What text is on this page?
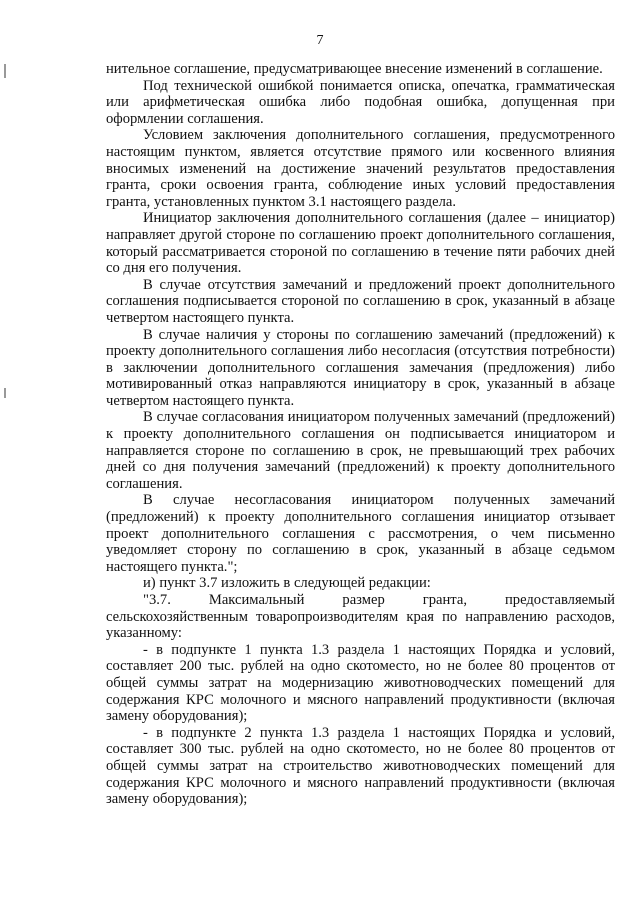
7

нительное соглашение, предусматривающее внесение изменений в соглашение.

Под технической ошибкой понимается описка, опечатка, грамматическая или арифметическая ошибка либо подобная ошибка, допущенная при оформлении соглашения.

Условием заключения дополнительного соглашения, предусмотренного настоящим пунктом, является отсутствие прямого или косвенного влияния вносимых изменений на достижение значений результатов предоставления гранта, сроки освоения гранта, соблюдение иных условий предоставления гранта, установленных пунктом 3.1 настоящего раздела.

Инициатор заключения дополнительного соглашения (далее – инициатор) направляет другой стороне по соглашению проект дополнительного соглашения, который рассматривается стороной по соглашению в течение пяти рабочих дней со дня его получения.

В случае отсутствия замечаний и предложений проект дополнительного соглашения подписывается стороной по соглашению в срок, указанный в абзаце четвертом настоящего пункта.

В случае наличия у стороны по соглашению замечаний (предложений) к проекту дополнительного соглашения либо несогласия (отсутствия потребности) в заключении дополнительного соглашения замечания (предложения) либо мотивированный отказ направляются инициатору в срок, указанный в абзаце четвертом настоящего пункта.

В случае согласования инициатором полученных замечаний (предложений) к проекту дополнительного соглашения он подписывается инициатором и направляется стороне по соглашению в срок, не превышающий трех рабочих дней со дня получения замечаний (предложений) к проекту дополнительного соглашения.

В случае несогласования инициатором полученных замечаний (предложений) к проекту дополнительного соглашения инициатор отзывает проект дополнительного соглашения с рассмотрения, о чем письменно уведомляет сторону по соглашению в срок, указанный в абзаце седьмом настоящего пункта.";

и) пункт 3.7 изложить в следующей редакции:

"3.7. Максимальный размер гранта, предоставляемый сельскохозяйственным товаропроизводителям края по направлению расходов, указанному:

- в подпункте 1 пункта 1.3 раздела 1 настоящих Порядка и условий, составляет 200 тыс. рублей на одно скотоместо, но не более 80 процентов от общей суммы затрат на модернизацию животноводческих помещений для содержания КРС молочного и мясного направлений продуктивности (включая замену оборудования);

- в подпункте 2 пункта 1.3 раздела 1 настоящих Порядка и условий, составляет 300 тыс. рублей на одно скотоместо, но не более 80 процентов от общей суммы затрат на строительство животноводческих помещений для содержания КРС молочного и мясного направлений продуктивности (включая замену оборудования);
